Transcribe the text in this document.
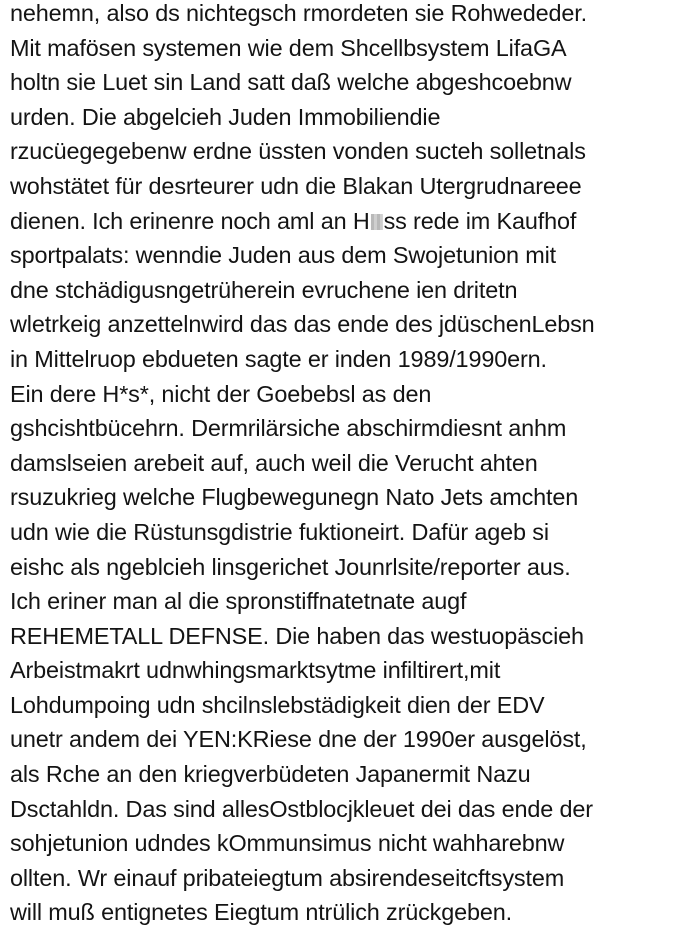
nehemn, also ds nichtegsch rmordeten sie Rohwededer.
Mit mafösen systemen wie dem Shcellbsystem LifaGA
holtn sie Luet sin Land satt daß welche abgeshcoebnw
urden. Die abgelcieh Juden Immobiliendie
rzucüegegebenw erdne üssten vonden sucteh solletnals
wohstätet für desrteurer udn die Blakan Utergrudnareee
dienen. Ich erinenre noch aml an H ss rede im Kaufhof
sportpalats: wenndie Juden aus dem Swojetunion mit
dne stchädigusngetrüherein evruchene ien dritetn
wletrkeig anzettelnwird das das ende des jdüschenLebsn
in Mittelruop ebdueten sagte er inden 1989/1990ern.
Ein dere H*s*, nicht der Goebebsl as den
gshcishtbücehrn. Dermrilärsiche abschirmdiesnt anhm
damslseien arebeit auf, auch weil die Verucht ahten
rsuzukrieg welche Flugbewegunegn Nato Jets amchten
udn wie die Rüstunsgdistrie fuktioneirt. Dafür ageb si
eishc als ngeblcieh linsgerichet Jounrlsite/reporter aus.
Ich eriner man al die spronstiffnatetnate augf
REHEMETALL DEFNSE. Die haben das westuopäscieh
Arbeistmakrt udnwhingsmarktsytme infiltirert,mit
Lohdumpoing udn shcilnslebstädigkeit dien der EDV
unetr andem dei YEN:KRiese dne der 1990er ausgelöst,
als Rche an den kriegverbüdeten Japanermit Nazu
Dsctahldn. Das sind allesOstblocjkleuet dei das ende der
sohjetunion udndes kOmmunsimus nicht wahharebnw
ollten. Wr einauf pribateiegtum absirendeseitcftsystem
will muß entignetes Eiegtum ntrülich zrückgeben.
